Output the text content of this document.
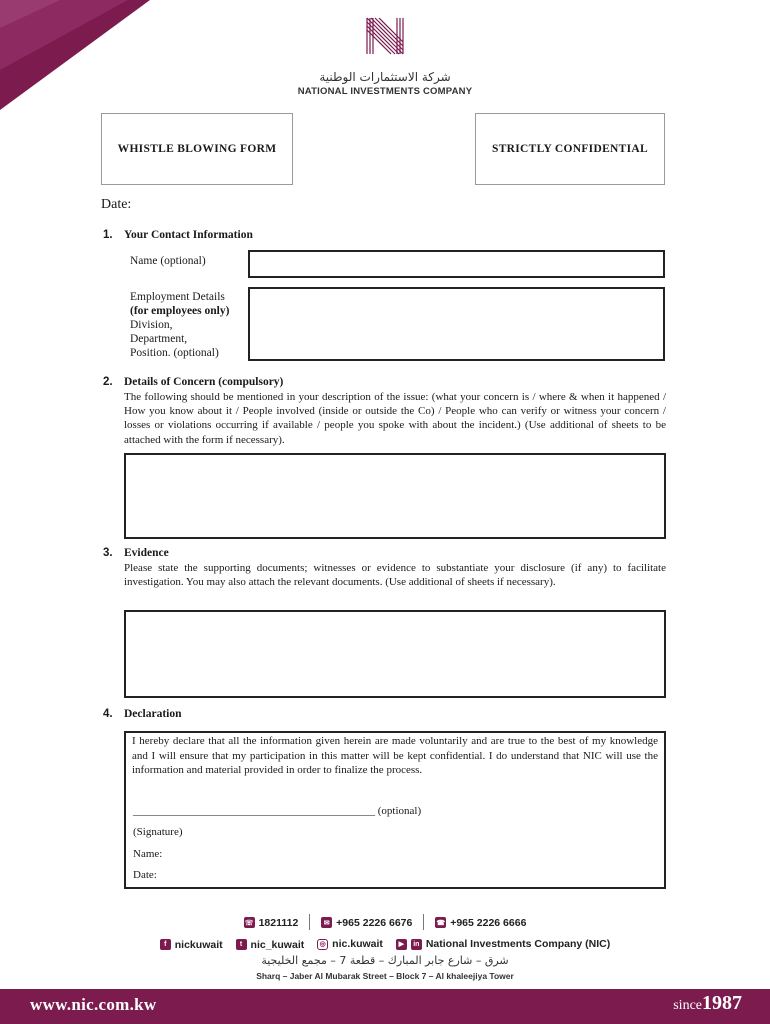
شركة الاستثمارات الوطنية
NATIONAL INVESTMENTS COMPANY
WHISTLE BLOWING FORM	STRICTLY CONFIDENTIAL
Date:
1. Your Contact Information
Name (optional)
Employment Details
(for employees only)
Division,
Department,
Position. (optional)
2. Details of Concern (compulsory)
The following should be mentioned in your description of the issue: (what your concern is / where & when it happened / How you know about it / People involved (inside or outside the Co) / People who can verify or witness your concern / losses or violations occurring if available / people you spoke with about the incident.) (Use additional of sheets to be attached with the form if necessary).
3. Evidence
Please state the supporting documents; witnesses or evidence to substantiate your disclosure (if any) to facilitate investigation. You may also attach the relevant documents. (Use additional of sheets if necessary).
4. Declaration
I hereby declare that all the information given herein are made voluntarily and are true to the best of my knowledge and I will ensure that my participation in this matter will be kept confidential. I do understand that NIC will use the information and material provided in order to finalize the process.
____________________________________________ (optional)
(Signature)
Name:
Date:
☏ 1821112
	✉ +965 2226 6676
	☎ +965 2226 6666
f nickuwait
	t nic_kuwait
	◎ nic.kuwait
	▶	in National Investments Company (NIC)
شرق – شارع جابر المبارك – قطعة 7 – مجمع الخليجية
Sharq – Jaber Al Mubarak Street – Block 7 – Al khaleejiya Tower
www.nic.com.kw	since1987
